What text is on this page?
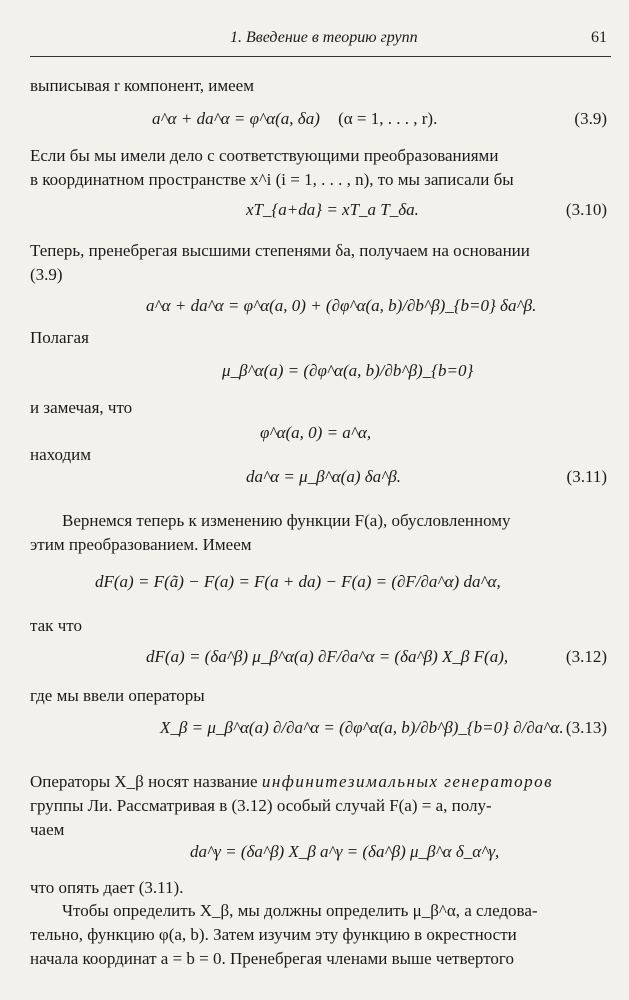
1. Введение в теорию групп	61
выписывая r компонент, имеем
a^α + da^α = φ^α(a, δa) (α = 1, . . . , r).	(3.9)
Если бы мы имели дело с соответствующими преобразованиями
в координатном пространстве x^i (i = 1, . . . , n), то мы записали бы
xT_{a+da} = xT_a T_δa.	(3.10)
Теперь, пренебрегая высшими степенями δa, получаем на основании
(3.9)
a^α + da^α = φ^α(a, 0) + (∂φ^α(a, b)/∂b^β)_{b=0} δa^β.
Полагая
μ_β^α(a) = (∂φ^α(a, b)/∂b^β)_{b=0}
и замечая, что
φ^α(a, 0) = a^α,
находим
da^α = μ_β^α(a) δa^β.	(3.11)
Вернемся теперь к изменению функции F(a), обусловленному
этим преобразованием. Имеем
dF(a) = F(ã) − F(a) = F(a + da) − F(a) = (∂F/∂a^α) da^α,
так что
dF(a) = (δa^β) μ_β^α(a) ∂F/∂a^α = (δa^β) X_β F(a),	(3.12)
где мы ввели операторы
X_β = μ_β^α(a) ∂/∂a^α = (∂φ^α(a, b)/∂b^β)_{b=0} ∂/∂a^α. (3.13)
Операторы X_β носят название инфинитезимальных генераторов
группы Ли. Рассматривая в (3.12) особый случай F(a) = a, полу-
чаем
da^γ = (δa^β) X_β a^γ = (δa^β) μ_β^α δ_α^γ,
что опять дает (3.11).
Чтобы определить X_β, мы должны определить μ_β^α, а следова-
тельно, функцию φ(a, b). Затем изучим эту функцию в окрестности
начала координат a = b = 0. Пренебрегая членами выше четвертого
